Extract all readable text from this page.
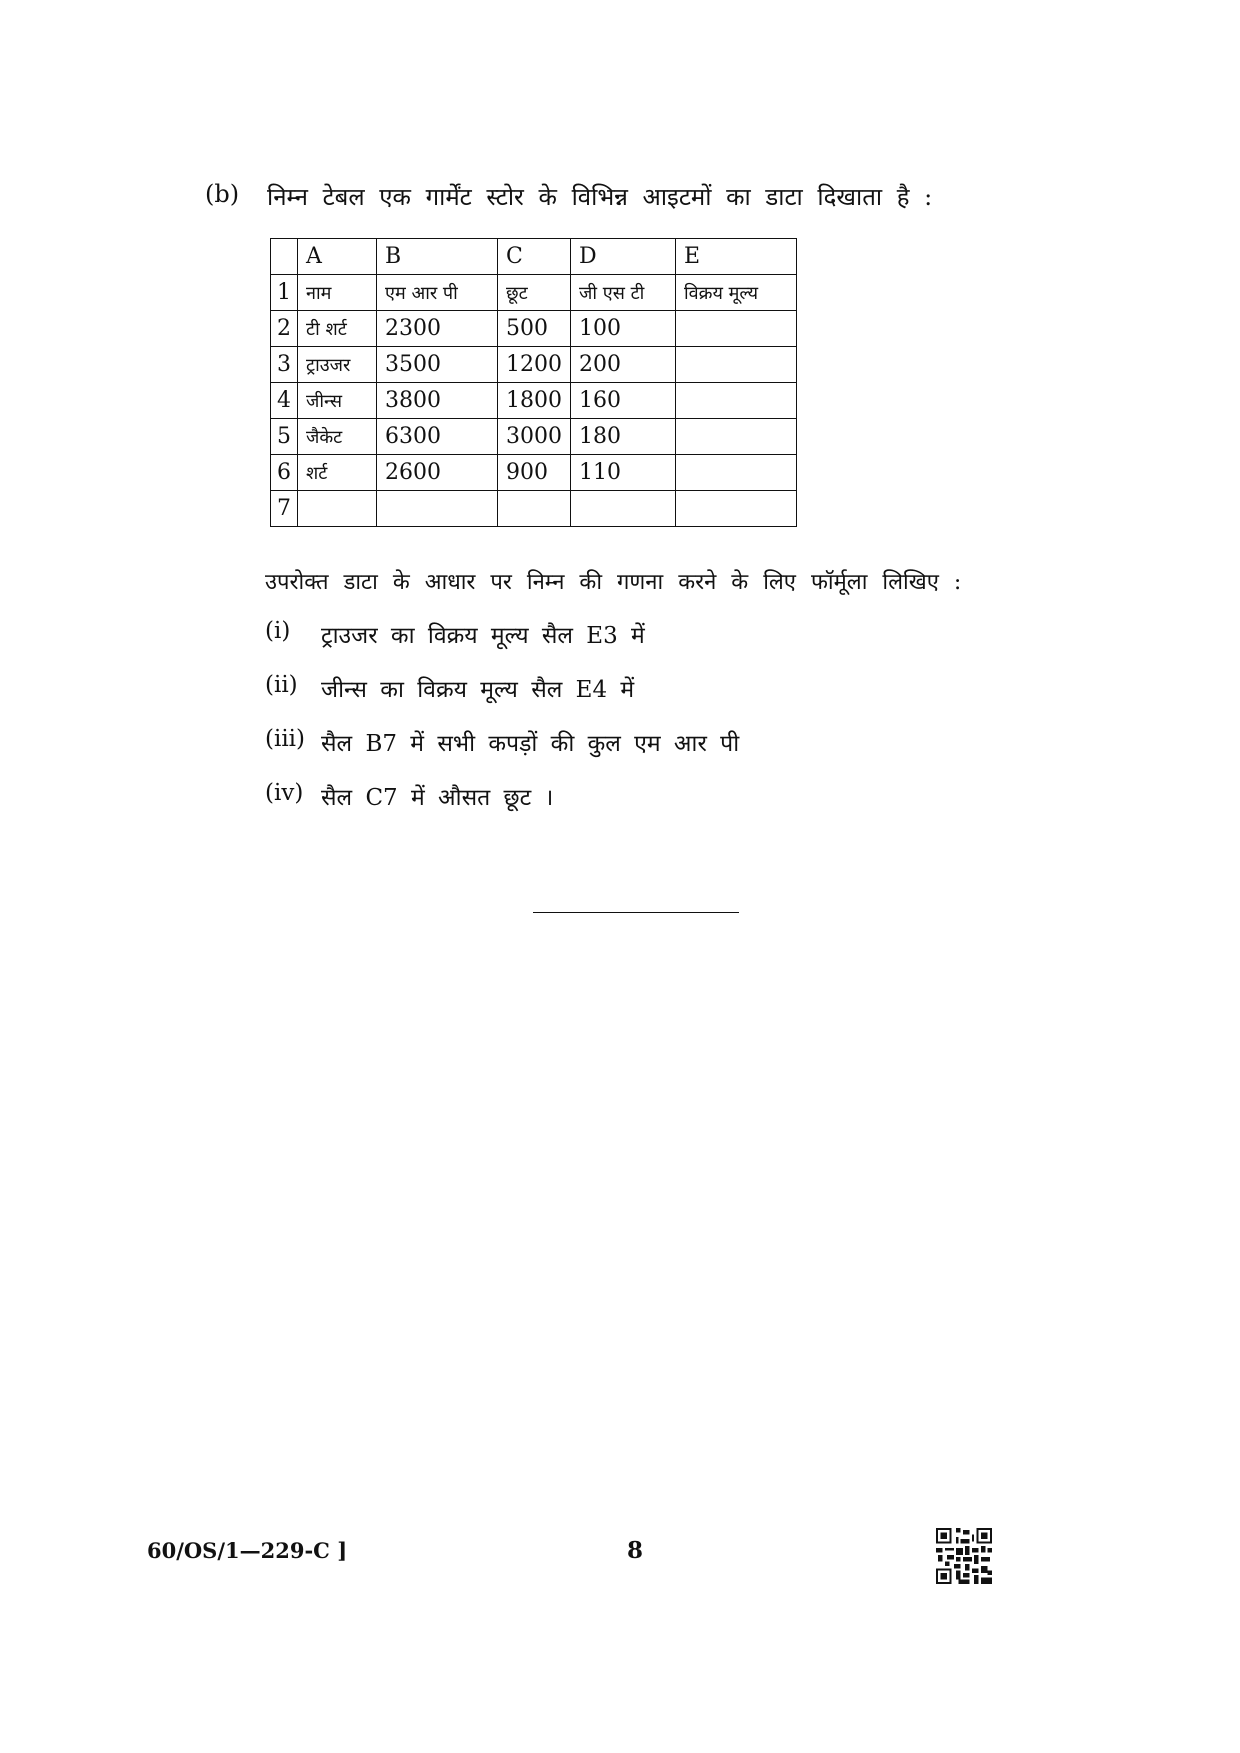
(b)	निम्न टेबल एक गार्मेंट स्टोर के विभिन्न आइटमों का डाटा दिखाता है :
	A	B	C	D	E
1	नाम	एम आर पी	छूट	जी एस टी	विक्रय मूल्य
2	टी शर्ट	2300	500	100	
3	ट्राउजर	3500	1200	200	
4	जीन्स	3800	1800	160	
5	जैकेट	6300	3000	180	
6	शर्ट	2600	900	110	
7					
उपरोक्त डाटा के आधार पर निम्न की गणना करने के लिए फॉर्मूला लिखिए :
(i)	ट्राउजर का विक्रय मूल्य सैल E3 में
(ii)	जीन्स का विक्रय मूल्य सैल E4 में
(iii) सैल B7 में सभी कपड़ों की कुल एम आर पी
(iv) सैल C7 में औसत छूट ।
60/OS/1—229-C ]	8
